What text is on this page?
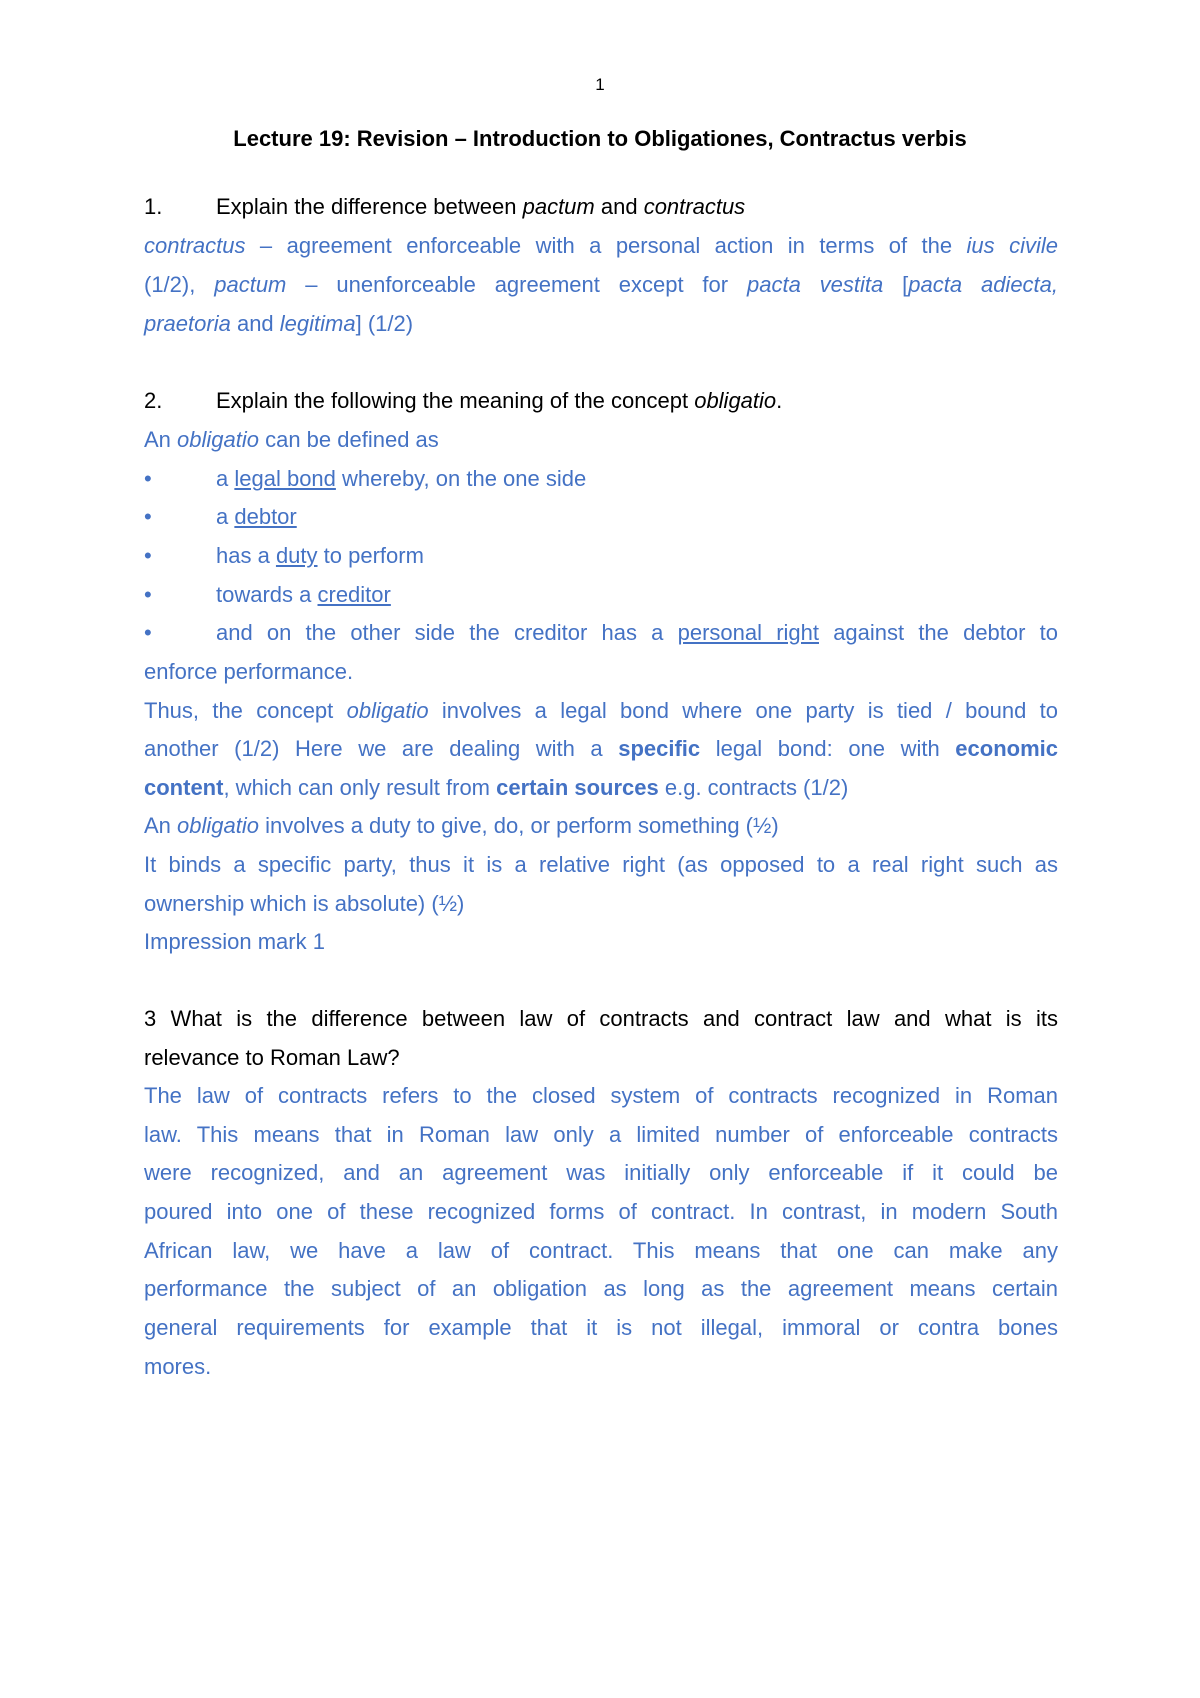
1
Lecture 19: Revision – Introduction to Obligationes, Contractus verbis
1. Explain the difference between pactum and contractus
contractus – agreement enforceable with a personal action in terms of the ius civile
(1/2), pactum – unenforceable agreement except for pacta vestita [pacta adiecta,
praetoria and legitima] (1/2)
2. Explain the following the meaning of the concept obligatio.
An obligatio can be defined as
•	a legal bond whereby, on the one side
•	a debtor
•	has a duty to perform
•	towards a creditor
•	and on the other side the creditor has a personal right against the debtor to
enforce performance.
Thus, the concept obligatio involves a legal bond where one party is tied / bound to
another (1/2) Here we are dealing with a specific legal bond: one with economic
content, which can only result from certain sources e.g. contracts (1/2)
An obligatio involves a duty to give, do, or perform something (½)
It binds a specific party, thus it is a relative right (as opposed to a real right such as
ownership which is absolute) (½)
Impression mark 1
3 What is the difference between law of contracts and contract law and what is its
relevance to Roman Law?
The law of contracts refers to the closed system of contracts recognized in Roman
law. This means that in Roman law only a limited number of enforceable contracts
were recognized, and an agreement was initially only enforceable if it could be
poured into one of these recognized forms of contract. In contrast, in modern South
African law, we have a law of contract. This means that one can make any
performance the subject of an obligation as long as the agreement means certain
general requirements for example that it is not illegal, immoral or contra bones
mores.
